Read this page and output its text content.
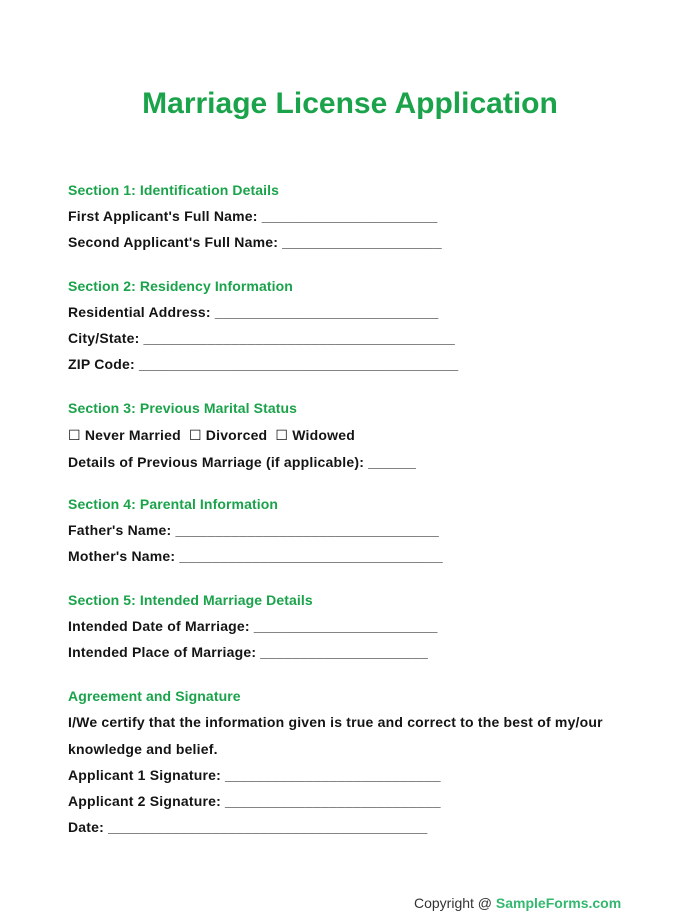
Marriage License Application
Section 1: Identification Details
First Applicant's Full Name: ______________________
Second Applicant's Full Name: ____________________
Section 2: Residency Information
Residential Address: ____________________________
City/State: _______________________________________
ZIP Code: ________________________________________
Section 3: Previous Marital Status
☐ Never Married ☐ Divorced ☐ Widowed
Details of Previous Marriage (if applicable): ______
Section 4: Parental Information
Father's Name: _________________________________
Mother's Name: _________________________________
Section 5: Intended Marriage Details
Intended Date of Marriage: _______________________
Intended Place of Marriage: _____________________
Agreement and Signature
I/We certify that the information given is true and correct to the best of my/our
knowledge and belief.
Applicant 1 Signature: ___________________________
Applicant 2 Signature: ___________________________
Date: ________________________________________
Copyright @ SampleForms.com
